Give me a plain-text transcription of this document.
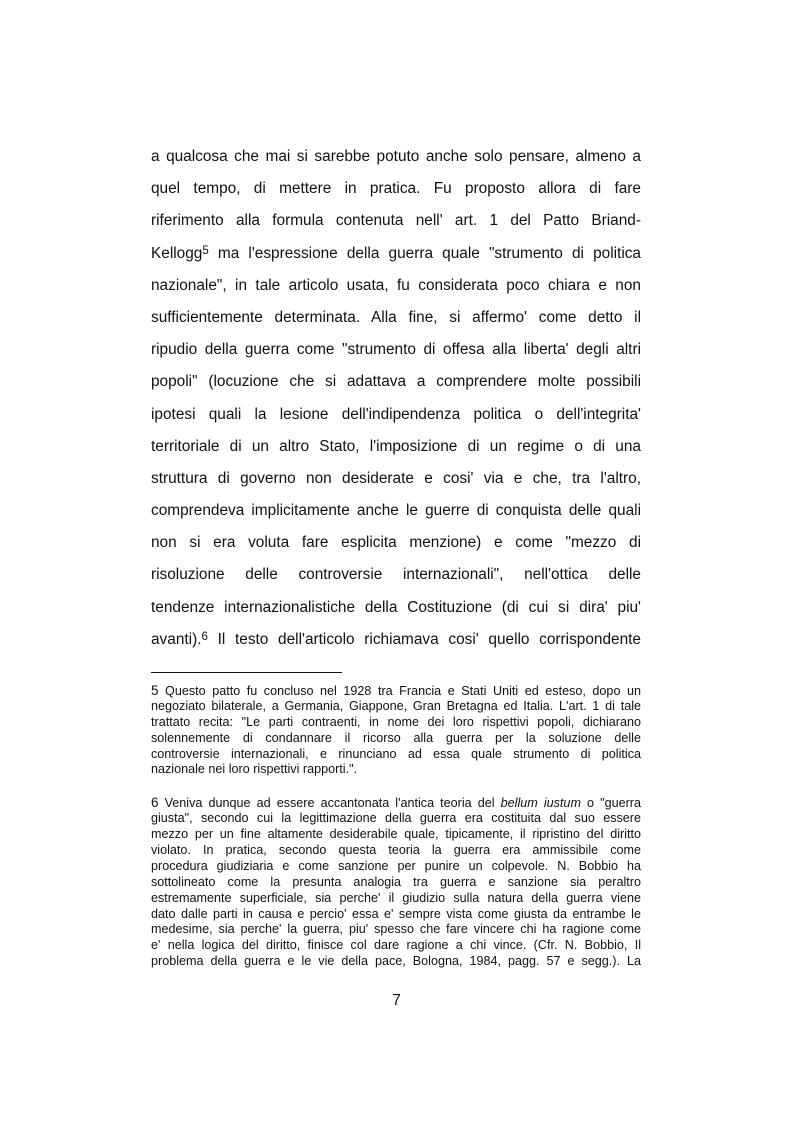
a qualcosa che mai si sarebbe potuto anche solo pensare, almeno a
quel tempo, di mettere in pratica. Fu proposto allora di fare
riferimento alla formula contenuta nell' art. 1 del Patto Briand-
Kellogg$^5$ ma l'espressione della guerra quale "strumento di politica
nazionale", in tale articolo usata, fu considerata poco chiara e non
sufficientemente determinata. Alla fine, si affermo' come detto il
ripudio della guerra come "strumento di offesa alla liberta' degli altri
popoli" (locuzione che si adattava a comprendere molte possibili
ipotesi quali la lesione dell'indipendenza politica o dell'integrita'
territoriale di un altro Stato, l'imposizione di un regime o di una
struttura di governo non desiderate e cosi' via e che, tra l'altro,
comprendeva implicitamente anche le guerre di conquista delle quali
non si era voluta fare esplicita menzione) e come "mezzo di
risoluzione delle controversie internazionali", nell'ottica delle
tendenze internazionalistiche della Costituzione (di cui si dira' piu'
avanti).$^6$ Il testo dell'articolo richiamava cosi' quello corrispondente
5 Questo patto fu concluso nel 1928 tra Francia e Stati Uniti ed esteso, dopo un
negoziato bilaterale, a Germania, Giappone, Gran Bretagna ed Italia. L'art. 1 di tale
trattato recita: "Le parti contraenti, in nome dei loro rispettivi popoli, dichiarano
solennemente di condannare il ricorso alla guerra per la soluzione delle
controversie internazionali, e rinunciano ad essa quale strumento di politica
nazionale nei loro rispettivi rapporti.".
6 Veniva dunque ad essere accantonata l'antica teoria del bellum iustum o "guerra
giusta", secondo cui la legittimazione della guerra era costituita dal suo essere
mezzo per un fine altamente desiderabile quale, tipicamente, il ripristino del diritto
violato. In pratica, secondo questa teoria la guerra era ammissibile come
procedura giudiziaria e come sanzione per punire un colpevole. N. Bobbio ha
sottolineato come la presunta analogia tra guerra e sanzione sia peraltro
estremamente superficiale, sia perche' il giudizio sulla natura della guerra viene
dato dalle parti in causa e percio' essa e' sempre vista come giusta da entrambe le
medesime, sia perche' la guerra, piu' spesso che fare vincere chi ha ragione come
e' nella logica del diritto, finisce col dare ragione a chi vince. (Cfr. N. Bobbio, Il
problema della guerra e le vie della pace, Bologna, 1984, pagg. 57 e segg.). La
7
